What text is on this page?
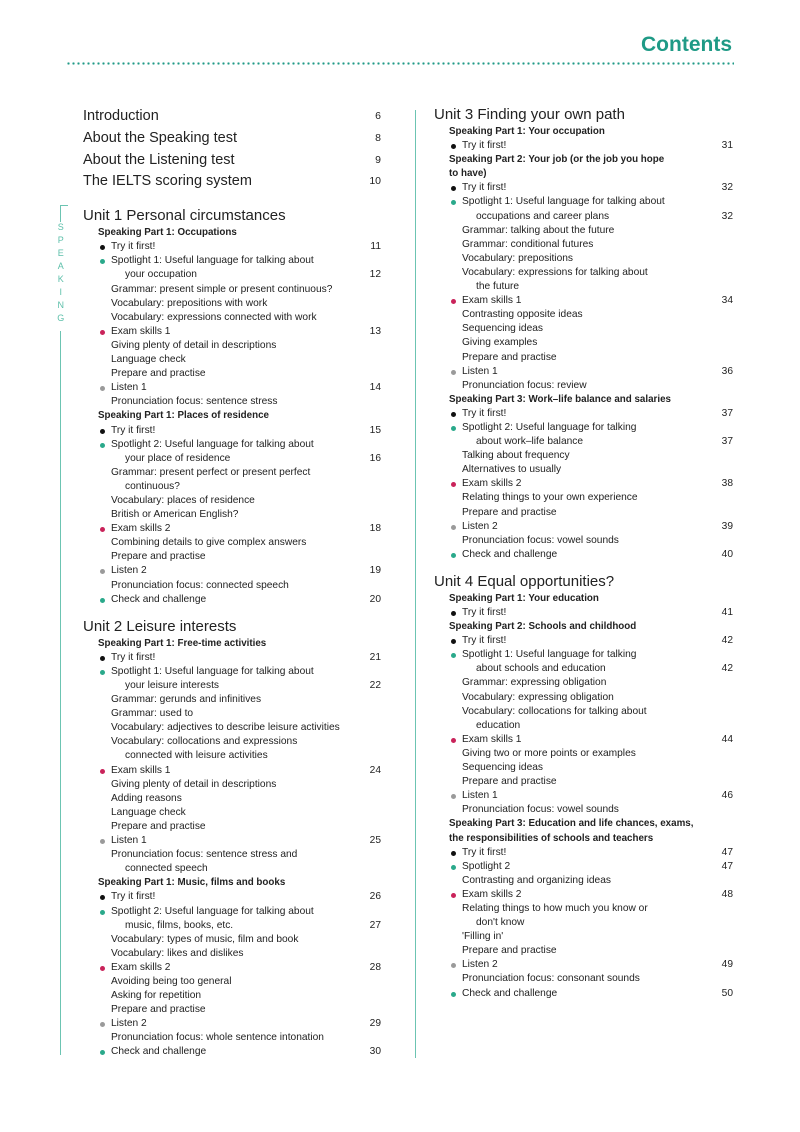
Contents
SPEAKING
Introduction	6
About the Speaking test	8
About the Listening test	9
The IELTS scoring system	10
Unit 1 Personal circumstances
Speaking Part 1: Occupations
Try it first!	11
Spotlight 1: Useful language for talking about
your occupation	12
Grammar: present simple or present continuous?
Vocabulary: prepositions with work
Vocabulary: expressions connected with work
Exam skills 1	13
Giving plenty of detail in descriptions
Language check
Prepare and practise
Listen 1	14
Pronunciation focus: sentence stress
Speaking Part 1: Places of residence
Try it first!	15
Spotlight 2: Useful language for talking about
your place of residence	16
Grammar: present perfect or present perfect
continuous?
Vocabulary: places of residence
British or American English?
Exam skills 2	18
Combining details to give complex answers
Prepare and practise
Listen 2	19
Pronunciation focus: connected speech
Check and challenge	20
Unit 2 Leisure interests
Speaking Part 1: Free-time activities
Try it first!	21
Spotlight 1: Useful language for talking about
your leisure interests	22
Grammar: gerunds and infinitives
Grammar: used to
Vocabulary: adjectives to describe leisure activities
Vocabulary: collocations and expressions
connected with leisure activities
Exam skills 1	24
Giving plenty of detail in descriptions
Adding reasons
Language check
Prepare and practise
Listen 1	25
Pronunciation focus: sentence stress and
connected speech
Speaking Part 1: Music, films and books
Try it first!	26
Spotlight 2: Useful language for talking about
music, films, books, etc.	27
Vocabulary: types of music, film and book
Vocabulary: likes and dislikes
Exam skills 2	28
Avoiding being too general
Asking for repetition
Prepare and practise
Listen 2	29
Pronunciation focus: whole sentence intonation
Check and challenge	30
Unit 3 Finding your own path
Speaking Part 1: Your occupation
Try it first!	31
Speaking Part 2: Your job (or the job you hope
to have)
Try it first!	32
Spotlight 1: Useful language for talking about
occupations and career plans	32
Grammar: talking about the future
Grammar: conditional futures
Vocabulary: prepositions
Vocabulary: expressions for talking about
the future
Exam skills 1	34
Contrasting opposite ideas
Sequencing ideas
Giving examples
Prepare and practise
Listen 1	36
Pronunciation focus: review
Speaking Part 3: Work–life balance and salaries
Try it first!	37
Spotlight 2: Useful language for talking
about work–life balance	37
Talking about frequency
Alternatives to usually
Exam skills 2	38
Relating things to your own experience
Prepare and practise
Listen 2	39
Pronunciation focus: vowel sounds
Check and challenge	40
Unit 4 Equal opportunities?
Speaking Part 1: Your education
Try it first!	41
Speaking Part 2: Schools and childhood
Try it first!	42
Spotlight 1: Useful language for talking
about schools and education	42
Grammar: expressing obligation
Vocabulary: expressing obligation
Vocabulary: collocations for talking about
education
Exam skills 1	44
Giving two or more points or examples
Sequencing ideas
Prepare and practise
Listen 1	46
Pronunciation focus: vowel sounds
Speaking Part 3: Education and life chances, exams,
the responsibilities of schools and teachers
Try it first!	47
Spotlight 2	47
Contrasting and organizing ideas
Exam skills 2	48
Relating things to how much you know or
don't know
'Filling in'
Prepare and practise
Listen 2	49
Pronunciation focus: consonant sounds
Check and challenge	50
